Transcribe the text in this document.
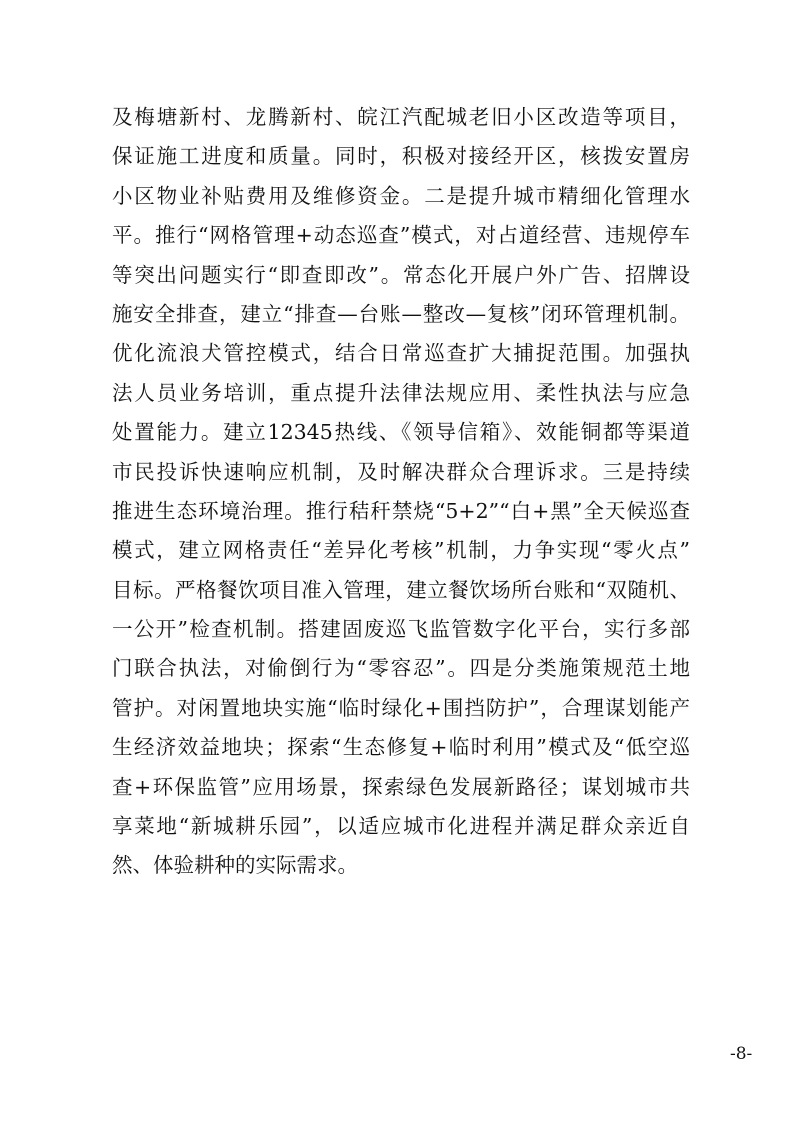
及梅塘新村、龙腾新村、皖江汽配城老旧小区改造等项目，
保证施工进度和质量。同时，积极对接经开区，核拨安置房
小区物业补贴费用及维修资金。二是提升城市精细化管理水
平。推行“网格管理+动态巡查”模式，对占道经营、违规停车
等突出问题实行“即查即改”。常态化开展户外广告、招牌设
施安全排查，建立“排查—台账—整改—复核”闭环管理机制。
优化流浪犬管控模式，结合日常巡查扩大捕捉范围。加强执
法人员业务培训，重点提升法律法规应用、柔性执法与应急
处置能力。建立12345热线、《领导信箱》、效能铜都等渠道
市民投诉快速响应机制，及时解决群众合理诉求。三是持续
推进生态环境治理。推行秸秆禁烧“5+2”“白+黑”全天候巡查
模式，建立网格责任“差异化考核”机制，力争实现“零火点”
目标。严格餐饮项目准入管理，建立餐饮场所台账和“双随机、
一公开”检查机制。搭建固废巡飞监管数字化平台，实行多部
门联合执法，对偷倒行为“零容忍”。四是分类施策规范土地
管护。对闲置地块实施“临时绿化+围挡防护”，合理谋划能产
生经济效益地块；探索“生态修复+临时利用”模式及“低空巡
查+环保监管”应用场景，探索绿色发展新路径；谋划城市共
享菜地“新城耕乐园”，以适应城市化进程并满足群众亲近自
然、体验耕种的实际需求。
-8-
